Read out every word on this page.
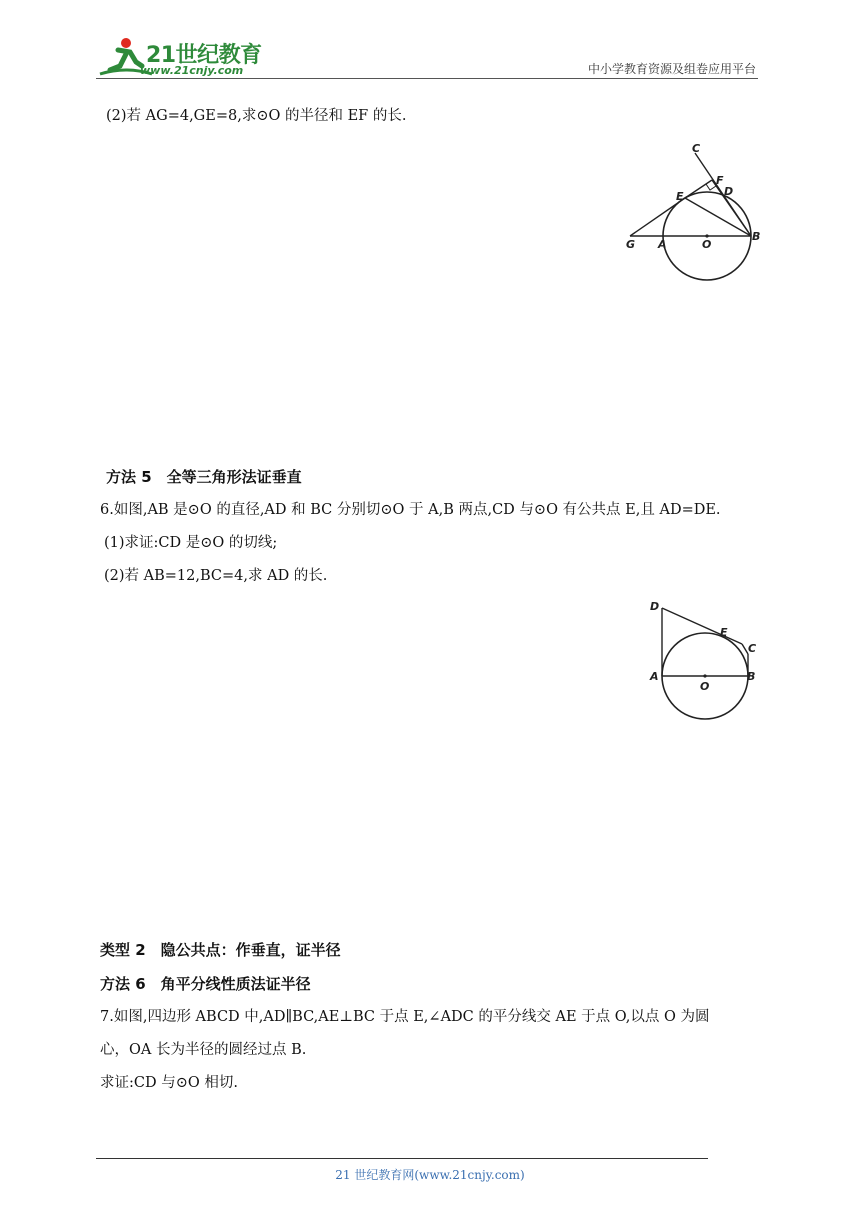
21世纪教育
www.21cnjy.com	中小学教育资源及组卷应用平台
(2)若 AG=4,GE=8,求⊙O 的半径和 EF 的长.
C
F
D
E
G A	O
B
方法 5　全等三角形法证垂直
6.如图,AB 是⊙O 的直径,AD 和 BC 分别切⊙O 于 A,B 两点,CD 与⊙O 有公共点 E,且 AD=DE.
(1)求证:CD 是⊙O 的切线;
(2)若 AB=12,BC=4,求 AD 的长.
D
E
C
A
O
B
类型 2　隐公共点：作垂直，证半径
方法 6　角平分线性质法证半径
7.如图,四边形 ABCD 中,AD∥BC,AE⊥BC 于点 E,∠ADC 的平分线交 AE 于点 O,以点 O 为圆
心，OA 长为半径的圆经过点 B.
求证:CD 与⊙O 相切.
21 世纪教育网(www.21cnjy.com)
